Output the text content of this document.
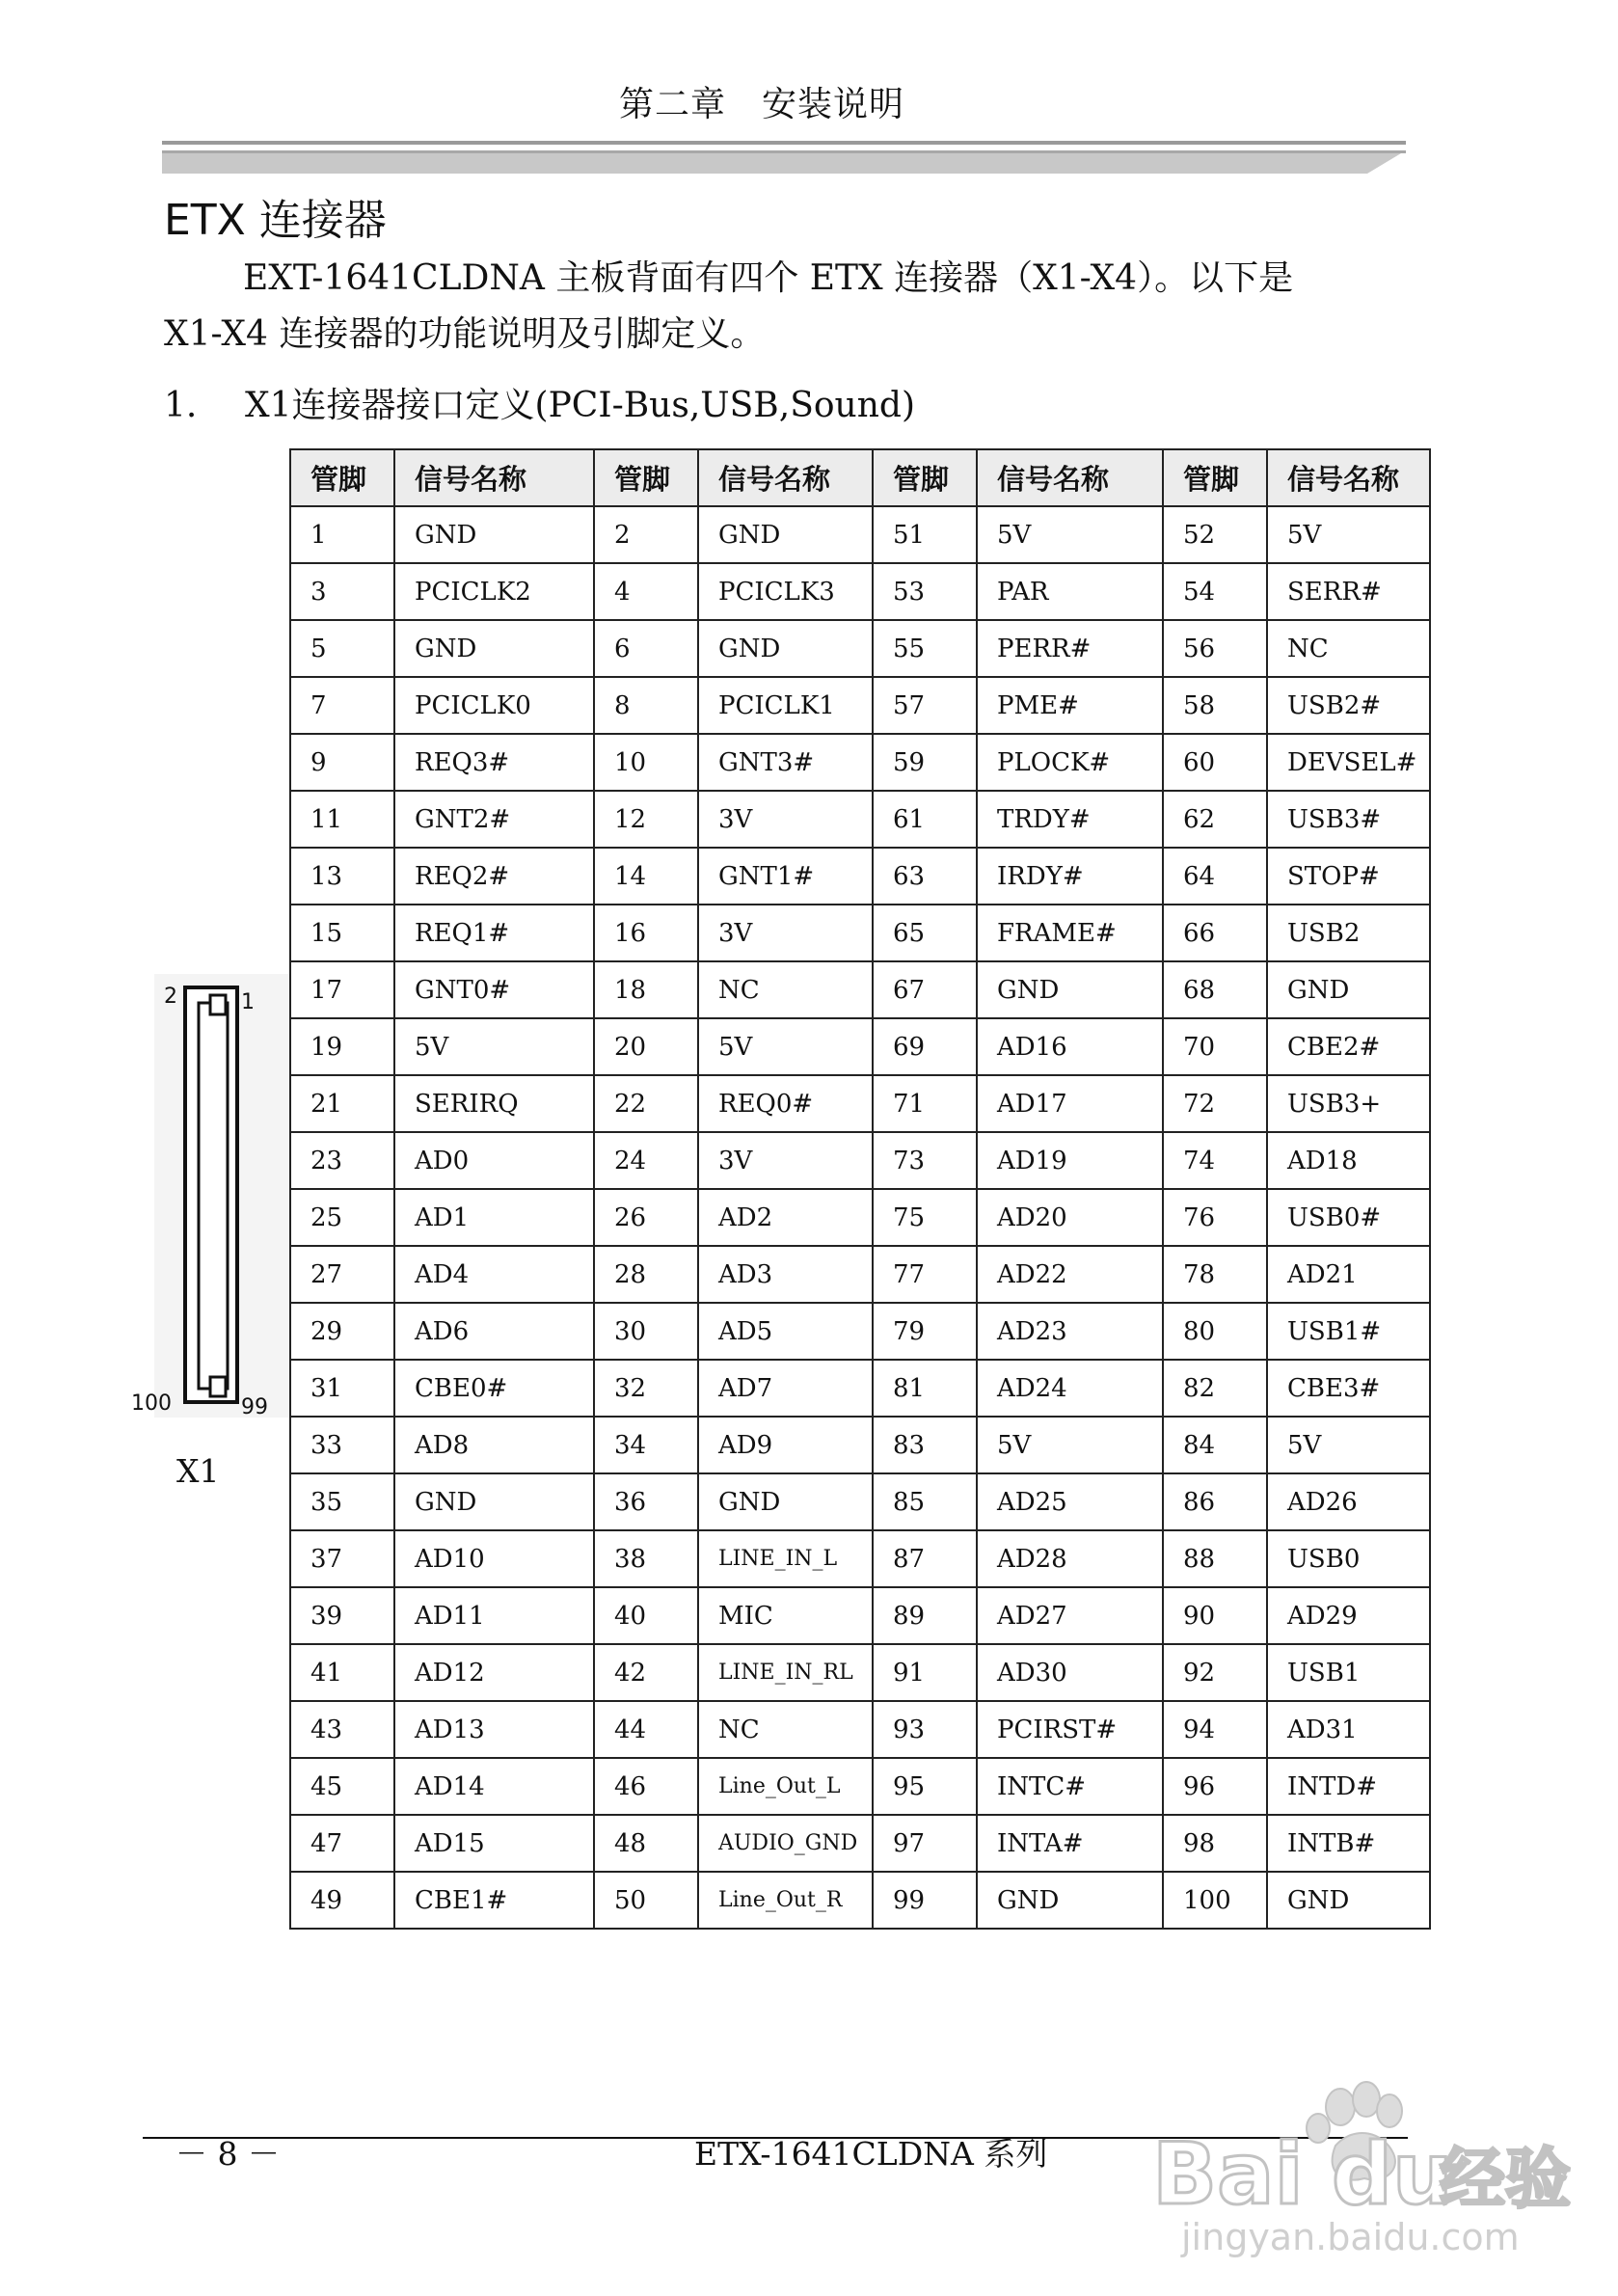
第二章　安装说明
ETX 连接器
EXT-1641CLDNA 主板背面有四个 ETX 连接器（X1-X4）。以下是
X1-X4 连接器的功能说明及引脚定义。
1. X1连接器接口定义(PCI-Bus,USB,Sound)
管脚	信号名称	管脚	信号名称	管脚	信号名称	管脚	信号名称
1	GND	2	GND	51	5V	52	5V
3	PCICLK2	4	PCICLK3	53	PAR	54	SERR#
5	GND	6	GND	55	PERR#	56	NC
7	PCICLK0	8	PCICLK1	57	PME#	58	USB2#
9	REQ3#	10	GNT3#	59	PLOCK#	60	DEVSEL#
11	GNT2#	12	3V	61	TRDY#	62	USB3#
13	REQ2#	14	GNT1#	63	IRDY#	64	STOP#
15	REQ1#	16	3V	65	FRAME#	66	USB2
17	GNT0#	18	NC	67	GND	68	GND
19	5V	20	5V	69	AD16	70	CBE2#
21	SERIRQ	22	REQ0#	71	AD17	72	USB3+
23	AD0	24	3V	73	AD19	74	AD18
25	AD1	26	AD2	75	AD20	76	USB0#
27	AD4	28	AD3	77	AD22	78	AD21
29	AD6	30	AD5	79	AD23	80	USB1#
31	CBE0#	32	AD7	81	AD24	82	CBE3#
33	AD8	34	AD9	83	5V	84	5V
35	GND	36	GND	85	AD25	86	AD26
37	AD10	38	LINE_IN_L	87	AD28	88	USB0
39	AD11	40	MIC	89	AD27	90	AD29
41	AD12	42	LINE_IN_RL	91	AD30	92	USB1
43	AD13	44	NC	93	PCIRST#	94	AD31
45	AD14	46	Line_Out_L	95	INTC#	96	INTD#
47	AD15	48	AUDIO_GND	97	INTA#	98	INTB#
49	CBE1#	50	Line_Out_R	99	GND	100	GND
2	1
100	99
X1
－ 8 －	ETX-1641CLDNA 系列 Bai du
经验
jingyan.baidu.com
